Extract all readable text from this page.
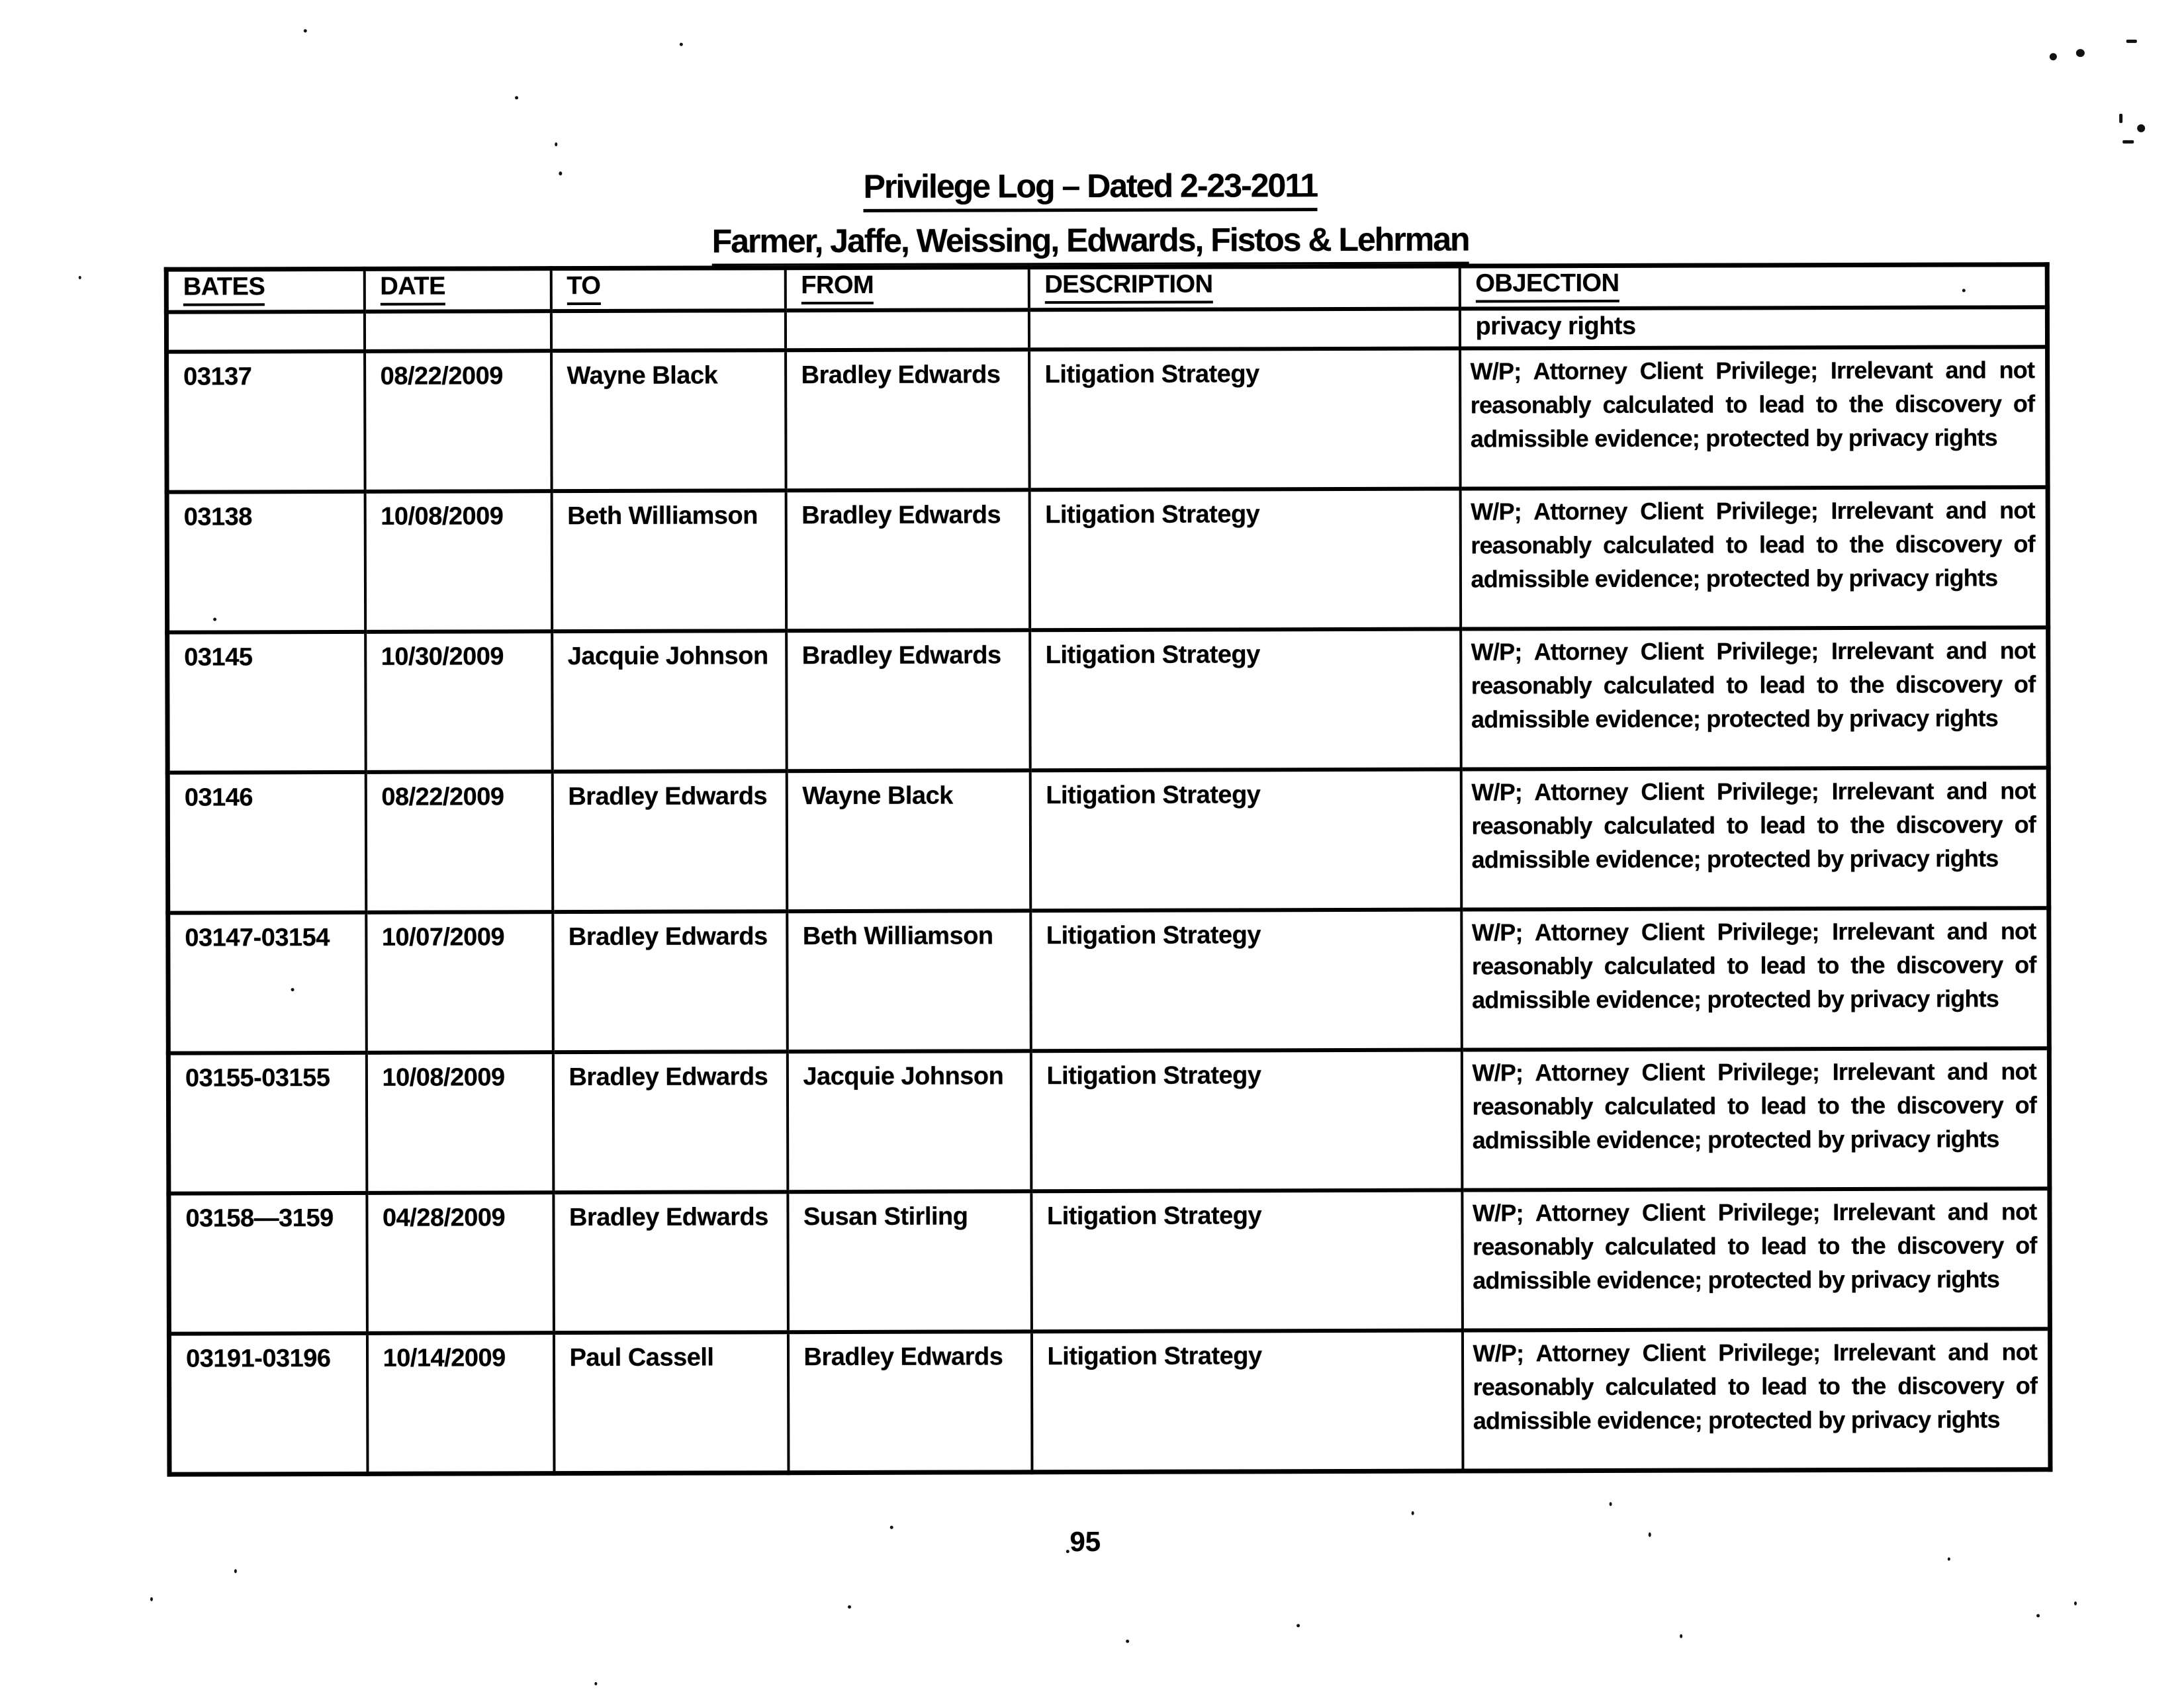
Privilege Log – Dated 2-23-2011
Farmer, Jaffe, Weissing, Edwards, Fistos & Lehrman
BATES	DATE	TO	FROM	DESCRIPTION	OBJECTION
					privacy rights
03137	08/22/2009	Wayne Black	Bradley Edwards	Litigation Strategy	W/P; Attorney Client Privilege; Irrelevant and not reasonably calculated to lead to the discovery of admissible evidence; protected by privacy rights
03138	10/08/2009	Beth Williamson	Bradley Edwards	Litigation Strategy	W/P; Attorney Client Privilege; Irrelevant and not reasonably calculated to lead to the discovery of admissible evidence; protected by privacy rights
03145	10/30/2009	Jacquie Johnson	Bradley Edwards	Litigation Strategy	W/P; Attorney Client Privilege; Irrelevant and not reasonably calculated to lead to the discovery of admissible evidence; protected by privacy rights
03146	08/22/2009	Bradley Edwards	Wayne Black	Litigation Strategy	W/P; Attorney Client Privilege; Irrelevant and not reasonably calculated to lead to the discovery of admissible evidence; protected by privacy rights
03147-03154	10/07/2009	Bradley Edwards	Beth Williamson	Litigation Strategy	W/P; Attorney Client Privilege; Irrelevant and not reasonably calculated to lead to the discovery of admissible evidence; protected by privacy rights
03155-03155	10/08/2009	Bradley Edwards	Jacquie Johnson	Litigation Strategy	W/P; Attorney Client Privilege; Irrelevant and not reasonably calculated to lead to the discovery of admissible evidence; protected by privacy rights
03158—3159	04/28/2009	Bradley Edwards	Susan Stirling	Litigation Strategy	W/P; Attorney Client Privilege; Irrelevant and not reasonably calculated to lead to the discovery of admissible evidence; protected by privacy rights
03191-03196	10/14/2009	Paul Cassell	Bradley Edwards	Litigation Strategy	W/P; Attorney Client Privilege; Irrelevant and not reasonably calculated to lead to the discovery of admissible evidence; protected by privacy rights
95
